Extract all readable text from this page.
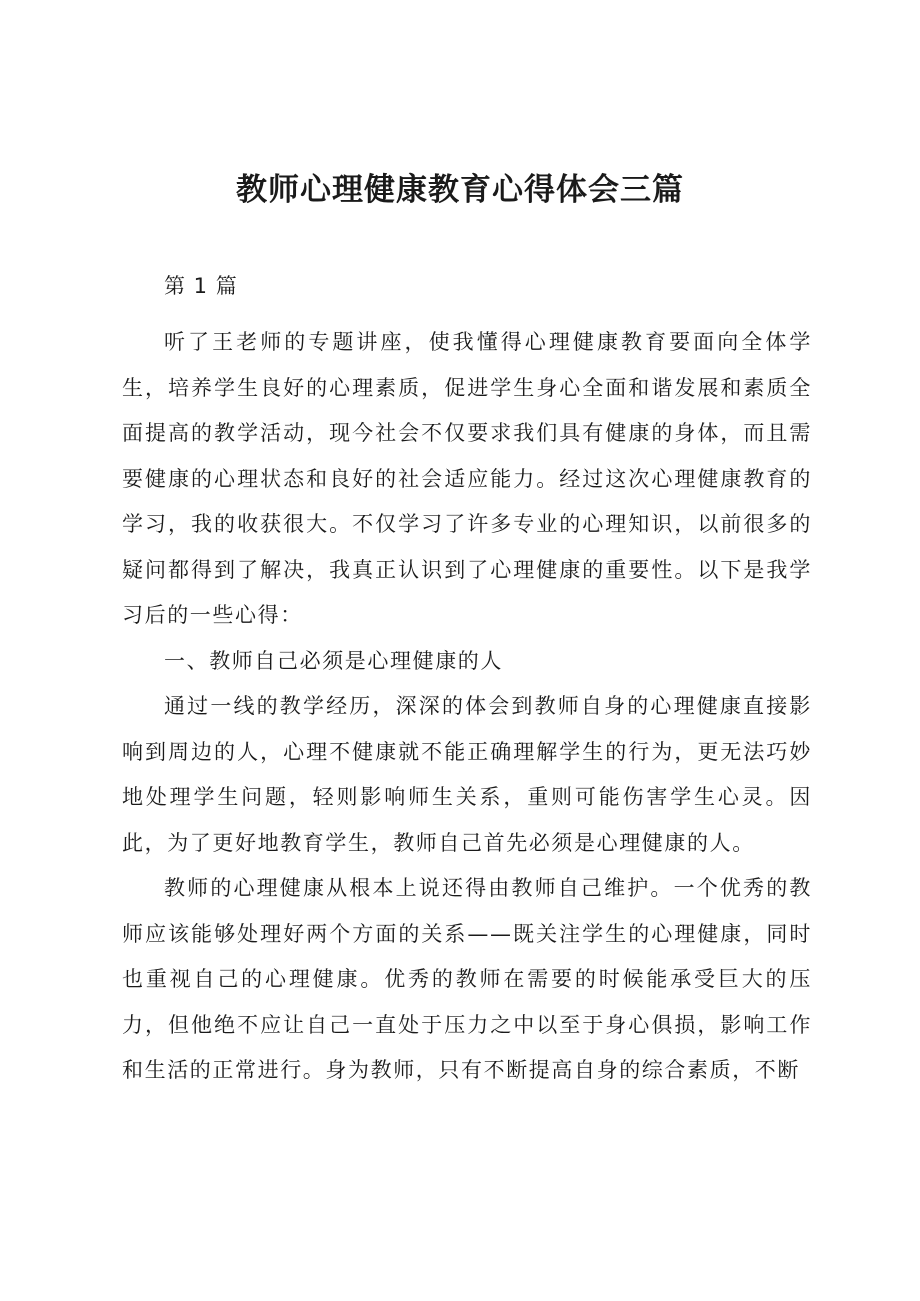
教师心理健康教育心得体会三篇

第 1 篇

听了王老师的专题讲座，使我懂得心理健康教育要面向全体学生，培养学生良好的心理素质，促进学生身心全面和谐发展和素质全面提高的教学活动，现今社会不仅要求我们具有健康的身体，而且需要健康的心理状态和良好的社会适应能力。经过这次心理健康教育的学习，我的收获很大。不仅学习了许多专业的心理知识，以前很多的疑问都得到了解决，我真正认识到了心理健康的重要性。以下是我学习后的一些心得：

一、教师自己必须是心理健康的人

通过一线的教学经历，深深的体会到教师自身的心理健康直接影响到周边的人，心理不健康就不能正确理解学生的行为，更无法巧妙地处理学生问题，轻则影响师生关系，重则可能伤害学生心灵。因此，为了更好地教育学生，教师自己首先必须是心理健康的人。

教师的心理健康从根本上说还得由教师自己维护。一个优秀的教师应该能够处理好两个方面的关系——既关注学生的心理健康，同时也重视自己的心理健康。优秀的教师在需要的时候能承受巨大的压力，但他绝不应让自己一直处于压力之中以至于身心俱损，影响工作和生活的正常进行。身为教师，只有不断提高自身的综合素质，不断
